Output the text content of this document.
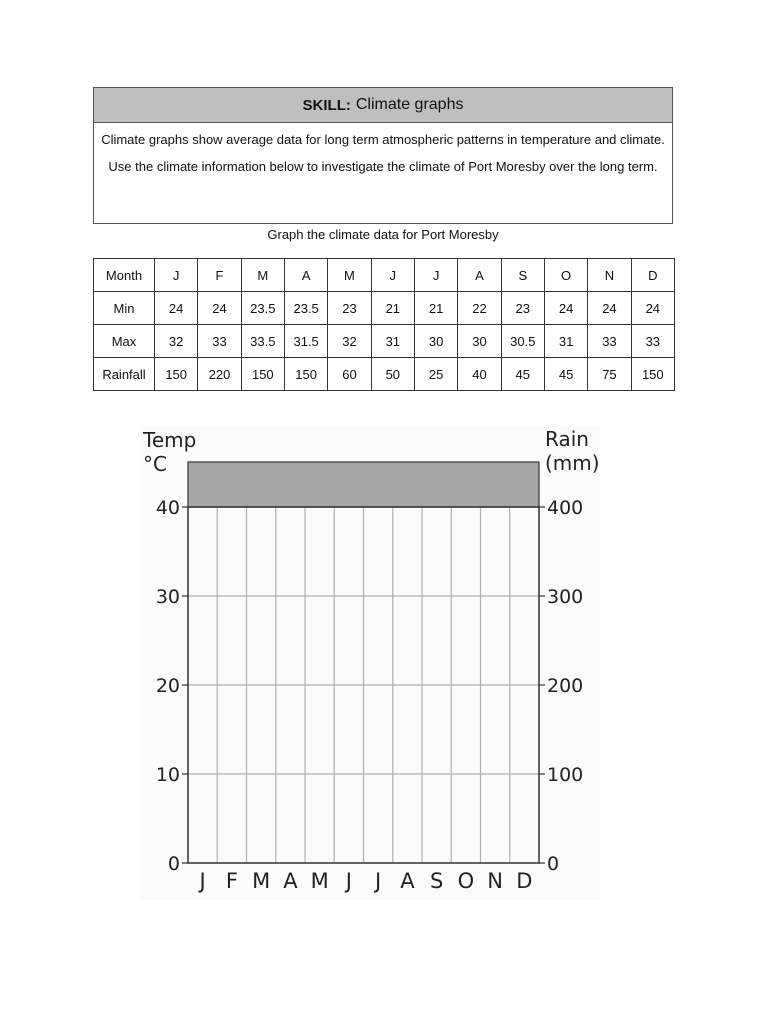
SKILL: Climate graphs

Climate graphs show average data for long term atmospheric patterns in temperature and climate.

Use the climate information below to investigate the climate of Port Moresby over the long term.

Graph the climate data for Port Moresby
Month	J	F	M	A	M	J	J	A	S	O	N	D
Min	24	24	23.5	23.5	23	21	21	22	23	24	24	24
Max	32	33	33.5	31.5	32	31	30	30	30.5	31	33	33
Rainfall	150	220	150	150	60	50	25	40	45	45	75	150
Temp
°C
Rain
(mm)
0
10
20
30
40
0
100
200
300
400
J F M A M J J A S O N D
